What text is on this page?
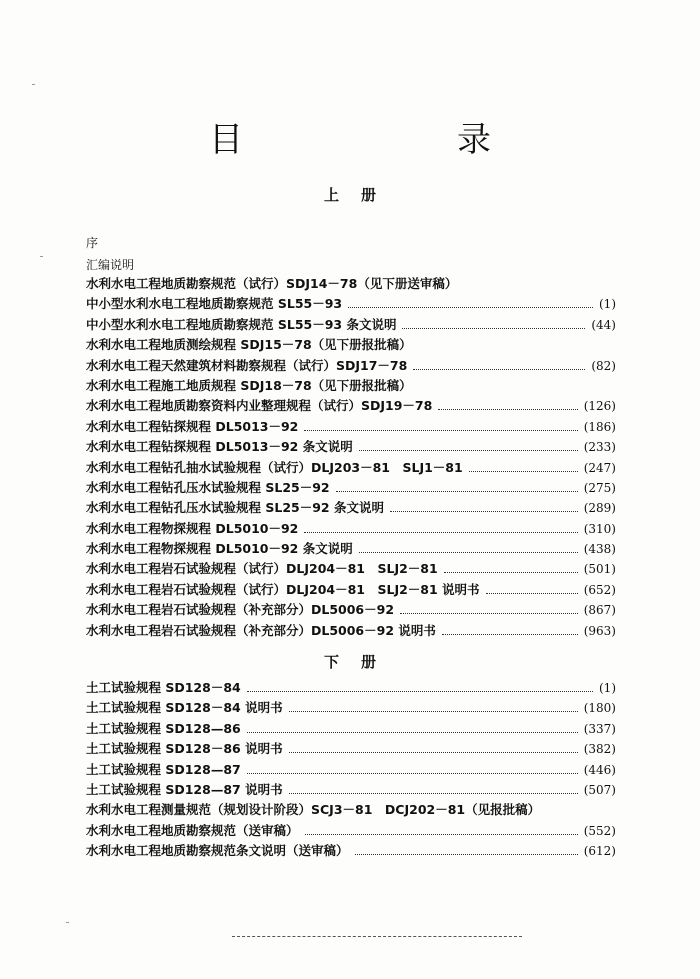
目　录
上册
序
汇编说明
水利水电工程地质勘察规范（试行）SDJ14－78（见下册送审稿）
中小型水利水电工程地质勘察规范 SL55－93	(1)
中小型水利水电工程地质勘察规范 SL55－93 条文说明	(44)
水利水电工程地质测绘规程 SDJ15－78（见下册报批稿）
水利水电工程天然建筑材料勘察规程（试行）SDJ17－78	(82)
水利水电工程施工地质规程 SDJ18－78（见下册报批稿）
水利水电工程地质勘察资料内业整理规程（试行）SDJ19－78	(126)
水利水电工程钻探规程 DL5013－92	(186)
水利水电工程钻探规程 DL5013－92 条文说明	(233)
水利水电工程钻孔抽水试验规程（试行）DLJ203－81　SLJ1－81	(247)
水利水电工程钻孔压水试验规程 SL25－92	(275)
水利水电工程钻孔压水试验规程 SL25－92 条文说明	(289)
水利水电工程物探规程 DL5010－92	(310)
水利水电工程物探规程 DL5010－92 条文说明	(438)
水利水电工程岩石试验规程（试行）DLJ204－81　SLJ2－81	(501)
水利水电工程岩石试验规程（试行）DLJ204－81　SLJ2－81 说明书	(652)
水利水电工程岩石试验规程（补充部分）DL5006－92	(867)
水利水电工程岩石试验规程（补充部分）DL5006－92 说明书	(963)
下册
土工试验规程 SD128－84	(1)
土工试验规程 SD128－84 说明书	(180)
土工试验规程 SD128—86	(337)
土工试验规程 SD128－86 说明书	(382)
土工试验规程 SD128—87	(446)
土工试验规程 SD128—87 说明书	(507)
水利水电工程测量规范（规划设计阶段）SCJ3－81　DCJ202－81（见报批稿）
水利水电工程地质勘察规范（送审稿）	(552)
水利水电工程地质勘察规范条文说明（送审稿）	(612)
